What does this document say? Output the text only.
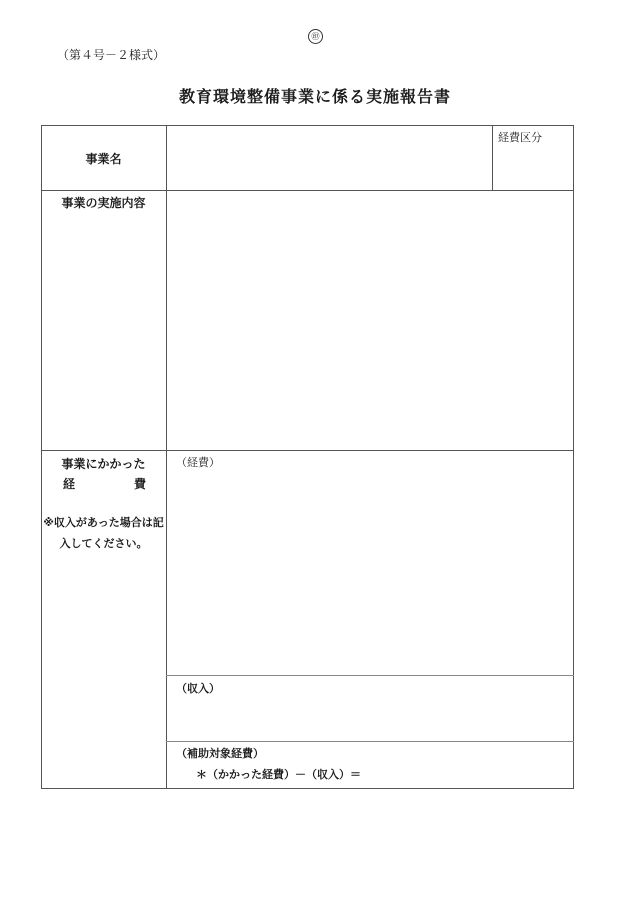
㊞
（第４号－２様式）
教育環境整備事業に係る実施報告書
事業名
経費区分
事業の実施内容
事業にかかった
経	費
※収入があった場合は記
入してください。
（経費）
（収入）
（補助対象経費）
＊（かかった経費）－（収入）＝
